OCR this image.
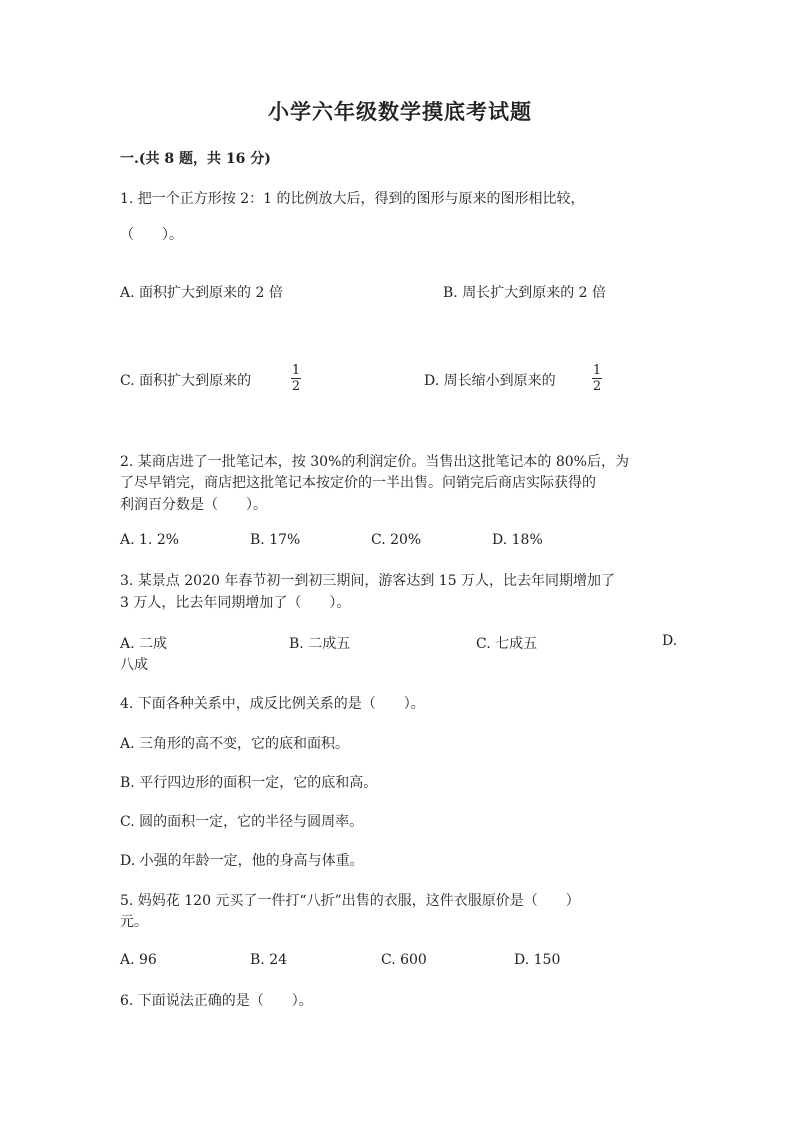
小学六年级数学摸底考试题
一.(共 8 题，共 16 分)
1. 把一个正方形按 2：1 的比例放大后，得到的图形与原来的图形相比较，
（　　）。
A. 面积扩大到原来的 2 倍	B. 周长扩大到原来的 2 倍
C. 面积扩大到原来的
1
2	D. 周长缩小到原来的
1
2
2. 某商店进了一批笔记本，按 30%的利润定价。当售出这批笔记本的 80%后，为
了尽早销完，商店把这批笔记本按定价的一半出售。问销完后商店实际获得的
利润百分数是（　　）。
A. 1. 2%	B. 17%	C. 20%	D. 18%
3. 某景点 2020 年春节初一到初三期间，游客达到 15 万人，比去年同期增加了
3 万人，比去年同期增加了（　　）。
A. 二成	B. 二成五	C. 七成五	D.
八成
4. 下面各种关系中，成反比例关系的是（　　）。
A. 三角形的高不变，它的底和面积。
B. 平行四边形的面积一定，它的底和高。
C. 圆的面积一定，它的半径与圆周率。
D. 小强的年龄一定，他的身高与体重。
5. 妈妈花 120 元买了一件打“八折”出售的衣服，这件衣服原价是（　　）
元。
A. 96	B. 24	C. 600	D. 150
6. 下面说法正确的是（　　）。
